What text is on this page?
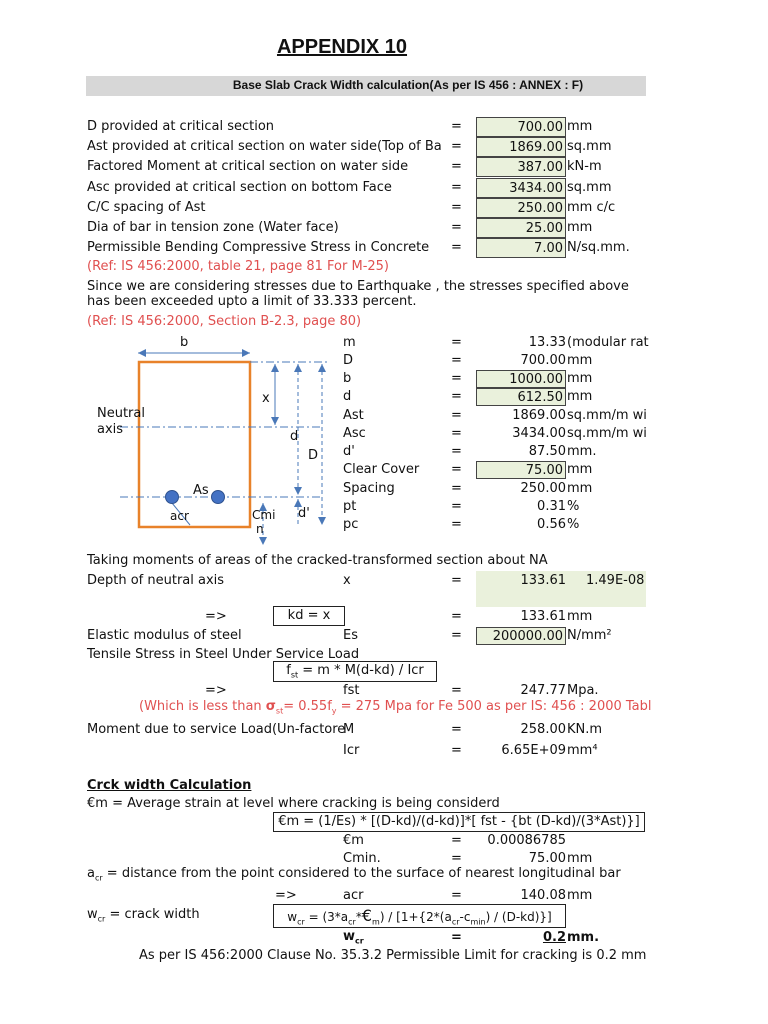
APPENDIX 10
Base Slab Crack Width calculation(As per IS 456 : ANNEX : F)
D provided at critical section	=	700.00 mm
Ast provided at critical section on water side(Top of Ba =	1869.00 sq.mm
Factored Moment at critical section on water side	=	387.00 kN-m
Asc provided at critical section on bottom Face	=	3434.00 sq.mm
C/C spacing of Ast	=	250.00 mm c/c
Dia of bar in tension zone (Water face)	=	25.00 mm
Permissible Bending Compressive Stress in Concrete =	7.00 N/sq.mm.
(Ref: IS 456:2000, table 21, page 81 For M-25)
Since we are considering stresses due to Earthquake , the stresses specified above
has been exceeded upto a limit of 33.333 percent.
(Ref: IS 456:2000, Section B-2.3, page 80)
b
x
Neutral
axis	d
D
As
acr	Cmi
n
d'
m	=	13.33 (modular rat
D	=	700.00 mm
b	=	1000.00 mm
d	=	612.50 mm
Ast	=	1869.00 sq.mm/m wi
Asc	=	3434.00 sq.mm/m wi
d'	=	87.50 mm.
Clear Cover =	75.00 mm
Spacing	=	250.00 mm
pt	=	0.31 %
pc	=	0.56 %
Taking moments of areas of the cracked-transformed section about NA
Depth of neutral axis	x	=	133.61 1.49E-08
=>	kd = x	=	133.61 mm
Elastic modulus of steel	Es	=	200000.00 N/mm²
Tensile Stress in Steel Under Service Load
$f_{st} = m * M(d-kd)$ / Icr
=>	fst	=	247.77 Mpa.
(Which is less than $\sigma_{st}= 0.55f_y = 275$ Mpa for Fe 500 as per IS: 456 : 2000 Tabl
Moment due to service Load(Un-factore
M	=	258.00 KN.m
Icr	=	6.65E+09 mm⁴
Crck width Calculation
€m = Average strain at level where cracking is being considerd
€m = (1/Es) * [(D-kd)/(d-kd)]*[ fst - {bt (D-kd)/(3*Ast)}]
€m	=	0.00086785
Cmin.	=	75.00 mm
$a_{cr}$ = distance from the point considered to the surface of nearest longitudinal bar
=>	acr	=	140.08 mm
$w_{cr}$ = crack width	$w_{cr}$ = $(3*a_{cr}*€_m) / [1+\{2*(a_{cr}-c_{min}) / (D-kd)\}]$
$w_{cr}$	=	0.2 mm.
As per IS 456:2000 Clause No. 35.3.2 Permissible Limit for cracking is 0.2 mm
